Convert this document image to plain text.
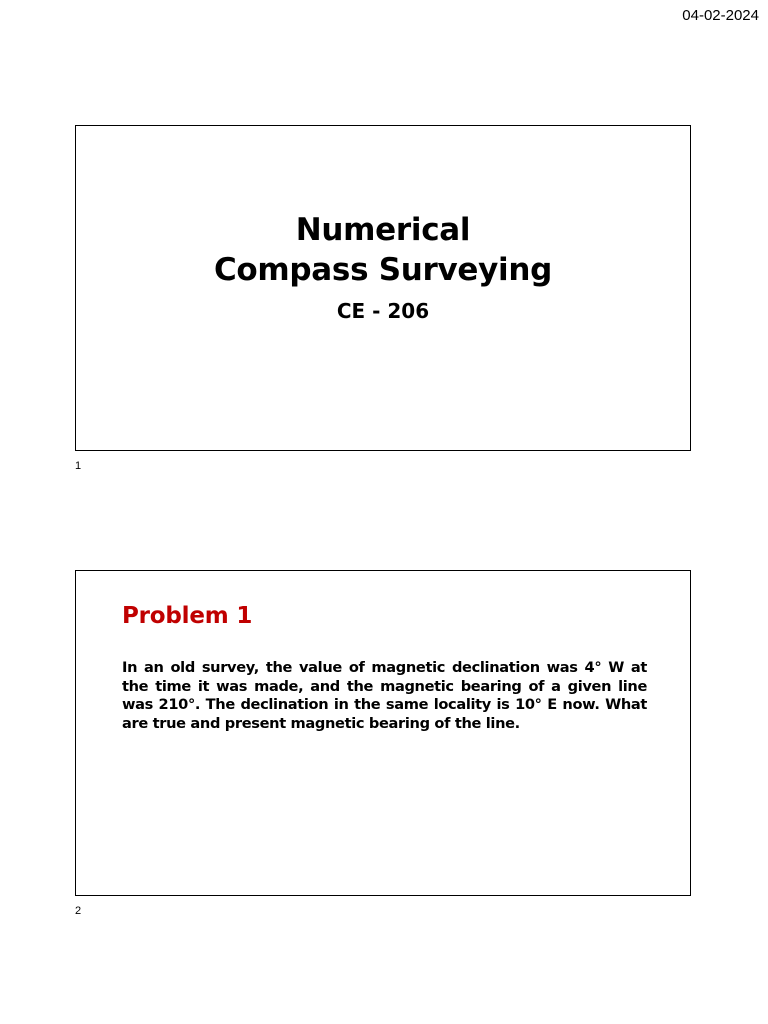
04-02-2024
Numerical
Compass Surveying
CE - 206
1
Problem 1

In an old survey, the value of magnetic declination was 4° W at the time it was made, and the magnetic bearing of a given line was 210°. The declination in the same locality is 10° E now. What are true and present magnetic bearing of the line.

2
